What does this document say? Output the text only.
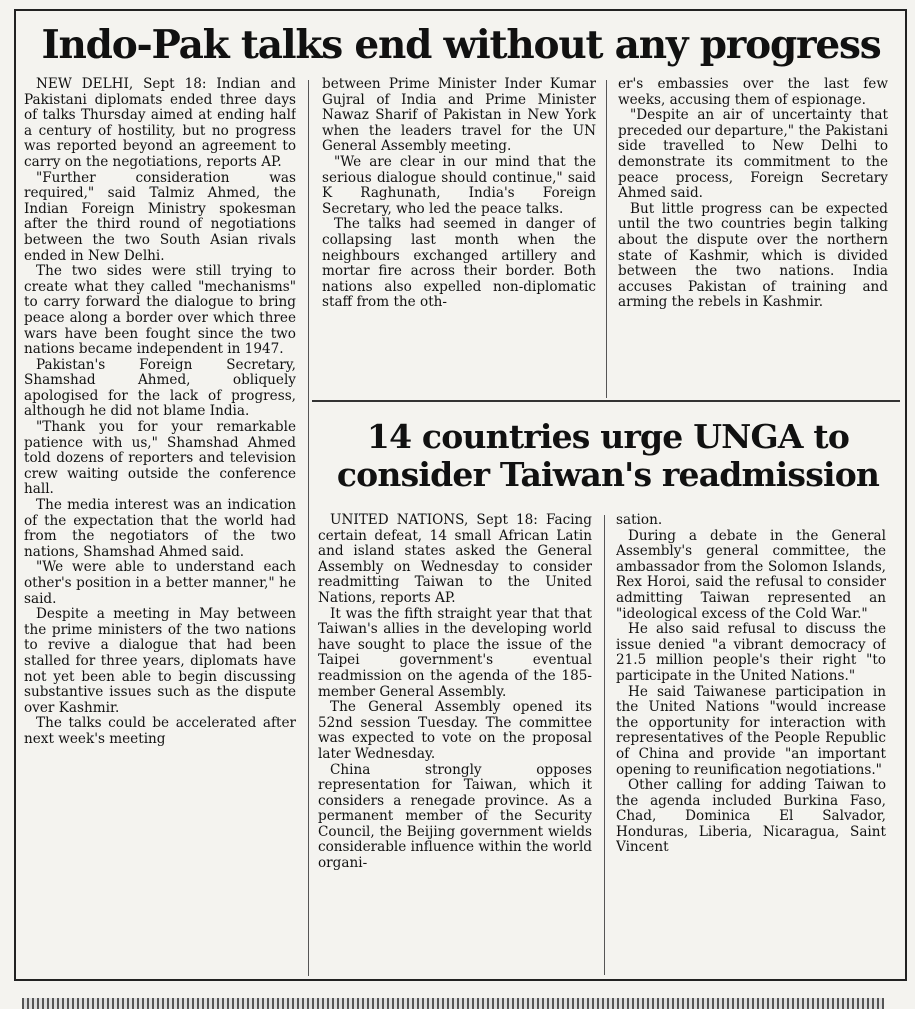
Indo-Pak talks end without any progress

NEW DELHI, Sept 18: Indian and Pakistani diplomats ended three days of talks Thursday aimed at ending half a century of hostility, but no progress was reported beyond an agreement to carry on the negotiations, reports AP.

"Further consideration was required," said Talmiz Ahmed, the Indian Foreign Ministry spokesman after the third round of negotiations between the two South Asian rivals ended in New Delhi.

The two sides were still trying to create what they called "mechanisms" to carry forward the dialogue to bring peace along a border over which three wars have been fought since the two nations became independent in 1947.

Pakistan's Foreign Secretary, Shamshad Ahmed, obliquely apologised for the lack of progress, although he did not blame India.

"Thank you for your remarkable patience with us," Shamshad Ahmed told dozens of reporters and television crew waiting outside the conference hall.

The media interest was an indication of the expectation that the world had from the negotiators of the two nations, Shamshad Ahmed said.

"We were able to understand each other's position in a better manner," he said.

Despite a meeting in May between the prime ministers of the two nations to revive a dialogue that had been stalled for three years, diplomats have not yet been able to begin discussing substantive issues such as the dispute over Kashmir.

The talks could be accelerated after next week's meeting

between Prime Minister Inder Kumar Gujral of India and Prime Minister Nawaz Sharif of Pakistan in New York when the leaders travel for the UN General Assembly meeting.

"We are clear in our mind that the serious dialogue should continue," said K Raghunath, India's Foreign Secretary, who led the peace talks.

The talks had seemed in danger of collapsing last month when the neighbours exchanged artillery and mortar fire across their border. Both nations also expelled non-diplomatic staff from the oth-

er's embassies over the last few weeks, accusing them of espionage.

"Despite an air of uncertainty that preceded our departure," the Pakistani side travelled to New Delhi to demonstrate its commitment to the peace process, Foreign Secretary Ahmed said.

But little progress can be expected until the two countries begin talking about the dispute over the northern state of Kashmir, which is divided between the two nations. India accuses Pakistan of training and arming the rebels in Kashmir.

14 countries urge UNGA to consider Taiwan's readmission

UNITED NATIONS, Sept 18: Facing certain defeat, 14 small African Latin and island states asked the General Assembly on Wednesday to consider readmitting Taiwan to the United Nations, reports AP.

It was the fifth straight year that that Taiwan's allies in the developing world have sought to place the issue of the Taipei government's eventual readmission on the agenda of the 185-member General Assembly.

The General Assembly opened its 52nd session Tuesday. The committee was expected to vote on the proposal later Wednesday.

China strongly opposes representation for Taiwan, which it considers a renegade province. As a permanent member of the Security Council, the Beijing government wields considerable influence within the world organi-

sation.

During a debate in the General Assembly's general committee, the ambassador from the Solomon Islands, Rex Horoi, said the refusal to consider admitting Taiwan represented an "ideological excess of the Cold War."

He also said refusal to discuss the issue denied "a vibrant democracy of 21.5 million people's their right "to participate in the United Nations."

He said Taiwanese participation in the United Nations "would increase the opportunity for interaction with representatives of the People Republic of China and provide "an important opening to reunification negotiations."

Other calling for adding Taiwan to the agenda included Burkina Faso, Chad, Dominica El Salvador, Honduras, Liberia, Nicaragua, Saint Vincent
